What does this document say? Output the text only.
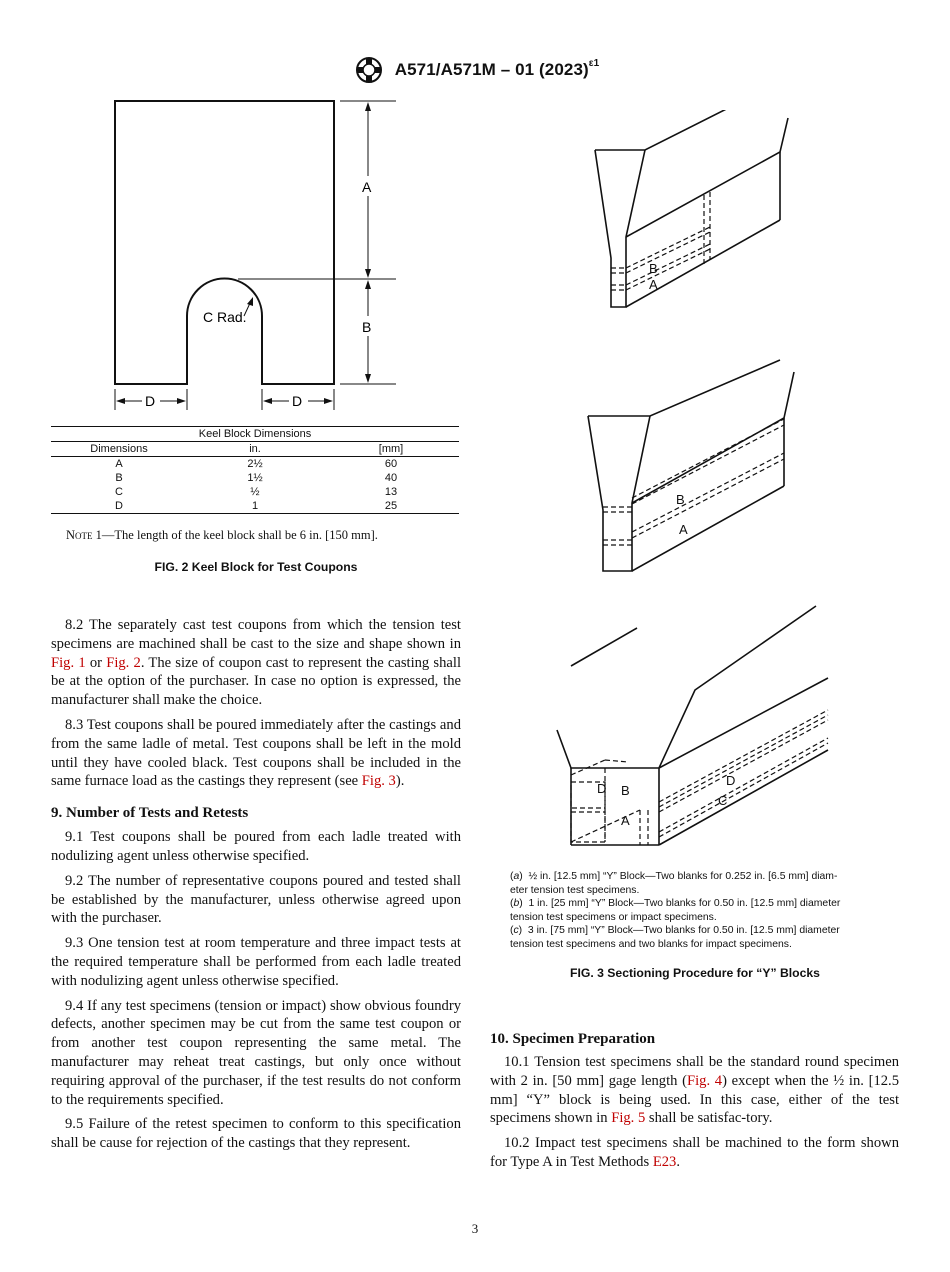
A571/A571M – 01 $(2023)^{\varepsilon 1}$
A
B
C Rad.
D	D
Keel Block Dimensions		
Dimensions	in.	[mm]
A	2½	60
B	1½	40
C	½	13
D	1	25
Note 1—The length of the keel block shall be 6 in. [150 mm].
FIG. 2 Keel Block for Test Coupons

8.2 The separately cast test coupons from which the tension test specimens are machined shall be cast to the size and shape shown in Fig. 1 or Fig. 2. The size of coupon cast to represent the casting shall be at the option of the purchaser. In case no option is expressed, the manufacturer shall make the choice.

8.3 Test coupons shall be poured immediately after the castings and from the same ladle of metal. Test coupons shall be left in the mold until they have cooled black. Test coupons shall be included in the same furnace load as the castings they represent (see Fig. 3).

9. Number of Tests and Retests

9.1 Test coupons shall be poured from each ladle treated with nodulizing agent unless otherwise specified.

9.2 The number of representative coupons poured and tested shall be established by the manufacturer, unless otherwise agreed upon with the purchaser.

9.3 One tension test at room temperature and three impact tests at the required temperature shall be performed from each ladle treated with nodulizing agent unless otherwise specified.

9.4 If any test specimens (tension or impact) show obvious foundry defects, another specimen may be cut from the same test coupon or from another test coupon representing the same metal. The manufacturer may reheat treat castings, but only once without requiring approval of the purchaser, if the test results do not conform to the requirements specified.

9.5 Failure of the retest specimen to conform to this specification shall be cause for rejection of the castings that they represent.

B
A
B
A
D B
A
D
C
(a)  ½ in. [12.5 mm] “Y” Block—Two blanks for 0.252 in. [6.5 mm] diam-
eter tension test specimens.
(b)  1 in. [25 mm] “Y” Block—Two blanks for 0.50 in. [12.5 mm] diameter
tension test specimens or impact specimens.
(c)  3 in. [75 mm] “Y” Block—Two blanks for 0.50 in. [12.5 mm] diameter
tension test specimens and two blanks for impact specimens.
FIG. 3 Sectioning Procedure for “Y” Blocks

10. Specimen Preparation

10.1 Tension test specimens shall be the standard round specimen with 2 in. [50 mm] gage length (Fig. 4) except when the ½ in. [12.5 mm] “Y” block is being used. In this case, either of the test specimens shown in Fig. 5 shall be satisfac-tory.

10.2 Impact test specimens shall be machined to the form shown for Type A in Test Methods E23.

3
